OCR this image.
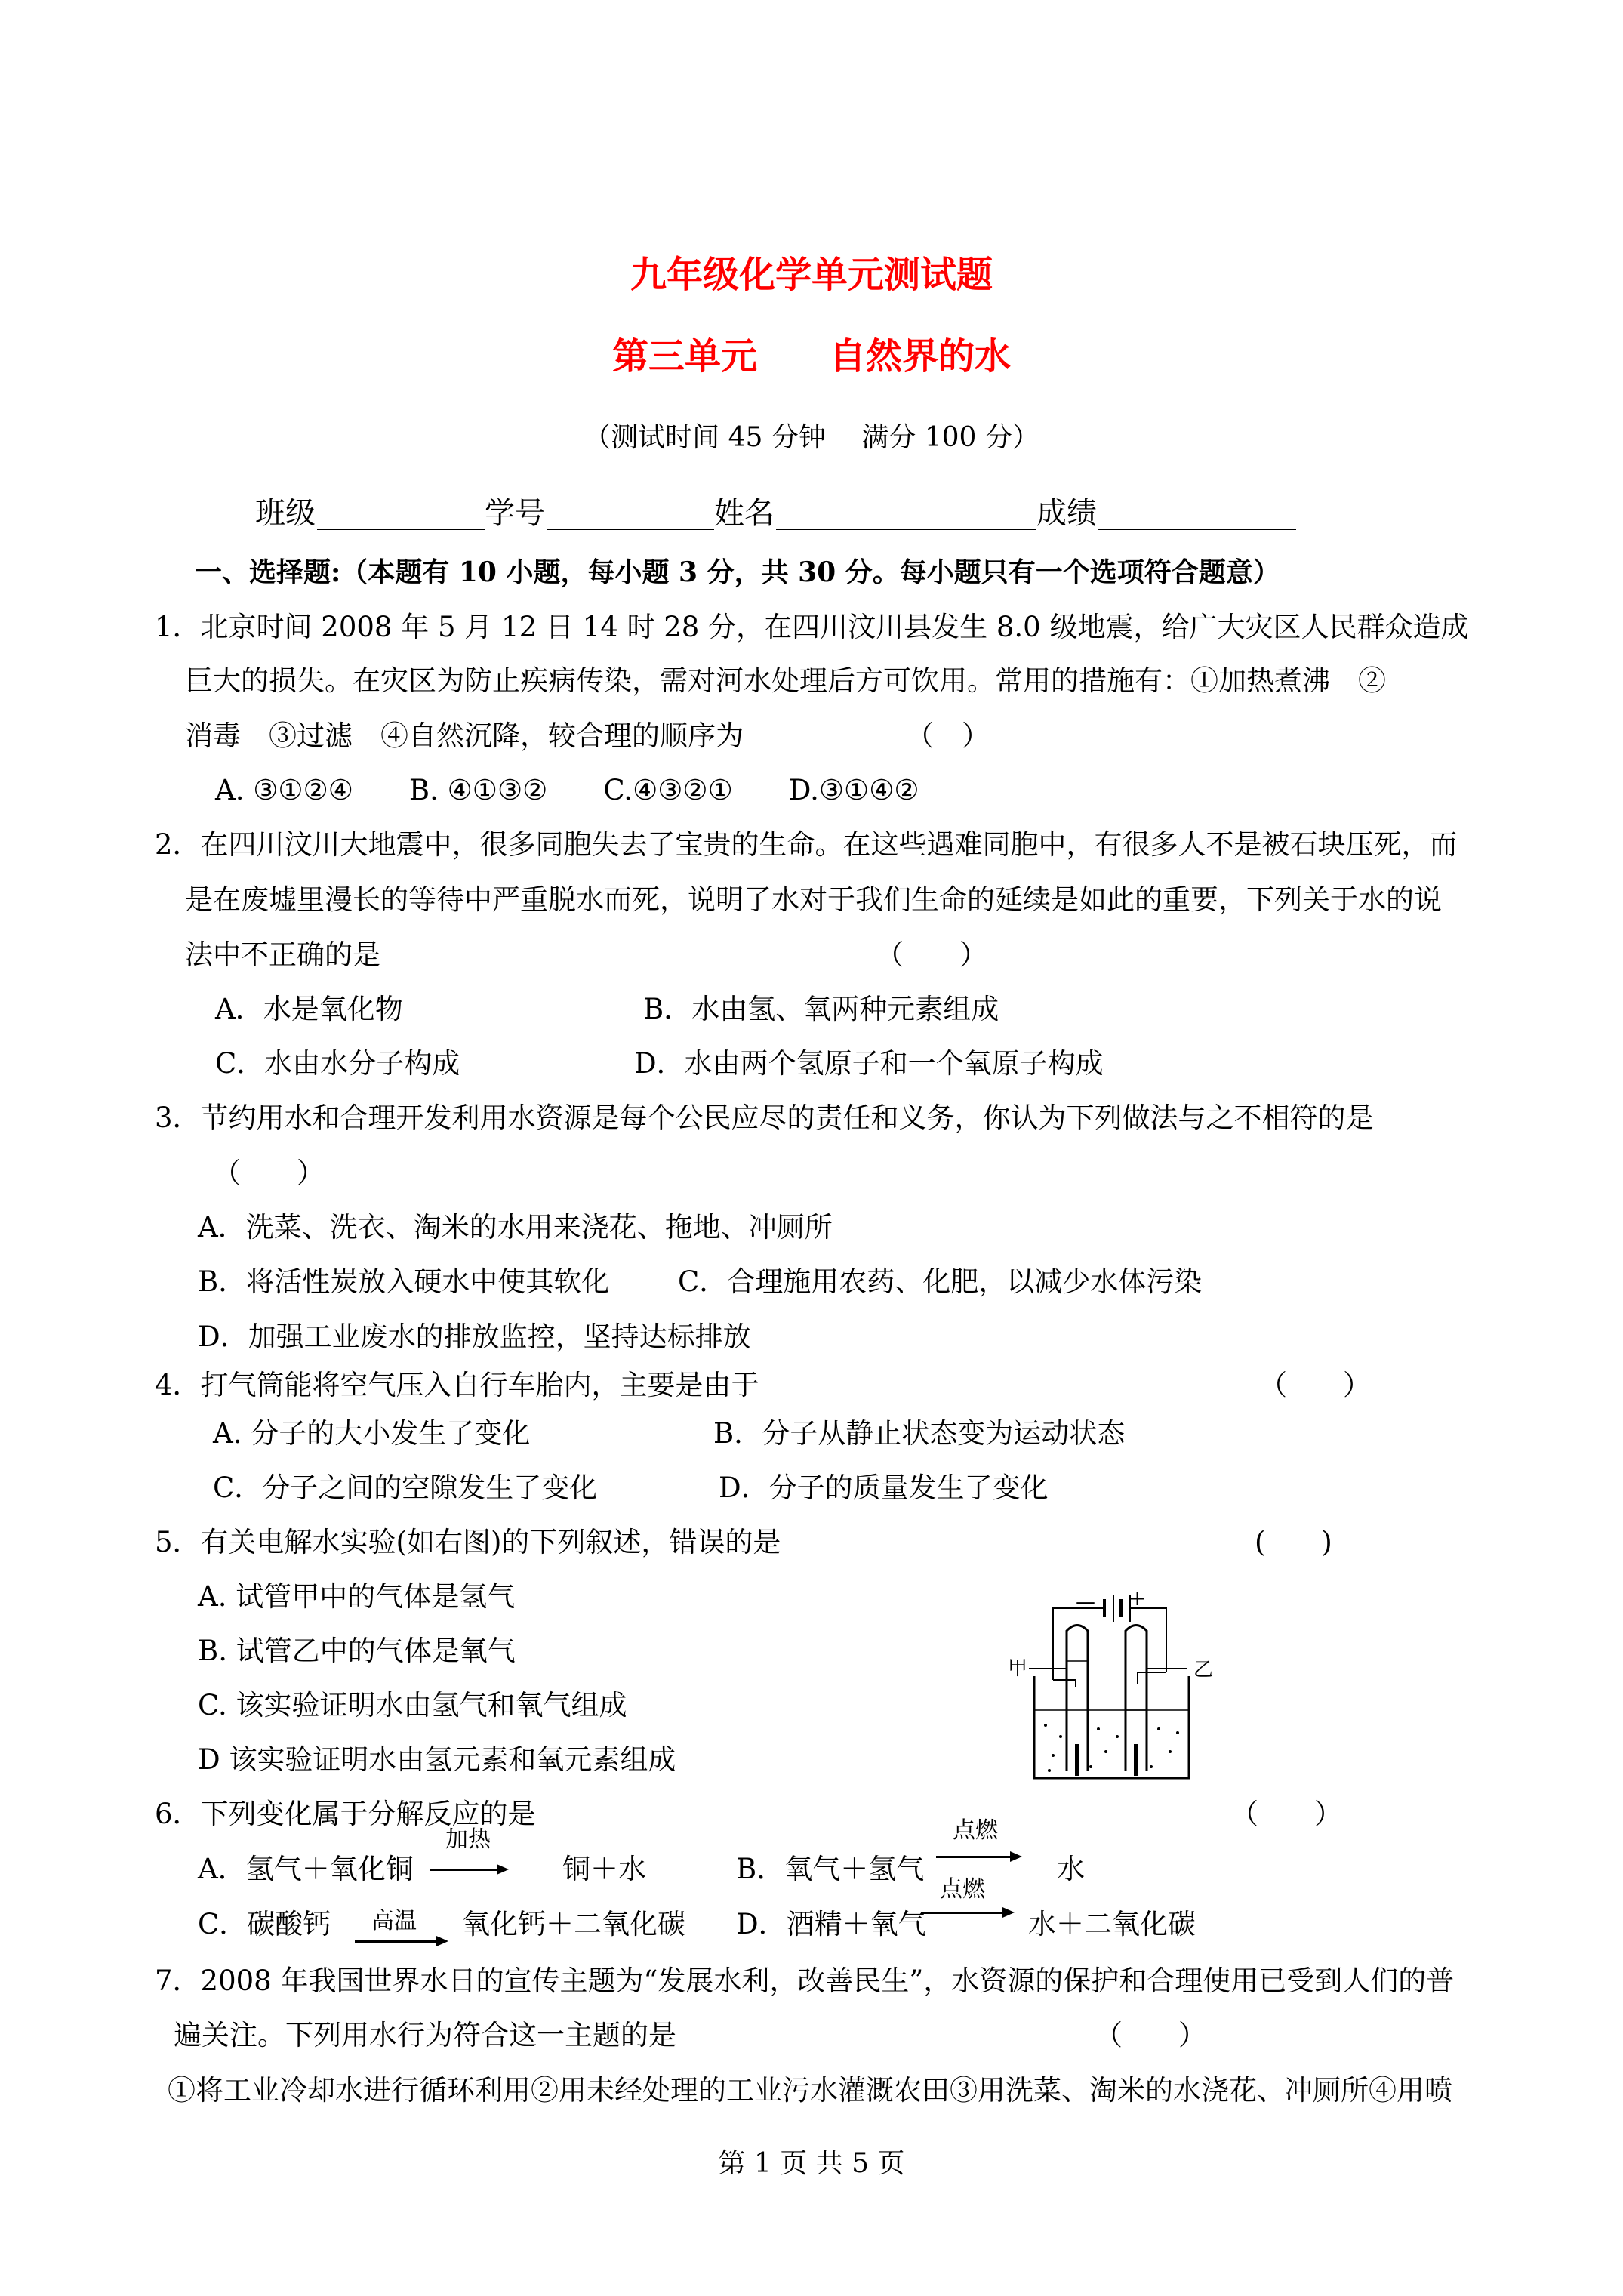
九年级化学单元测试题
第三单元　　自然界的水
（测试时间 45 分钟　 满分 100 分）
班级	学号	姓名	成绩
一、选择题:（本题有 10 小题，每小题 3 分，共 30 分。每小题只有一个选项符合题意）
1．北京时间 2008 年 5 月 12 日 14 时 28 分，在四川汶川县发生 8.0 级地震，给广大灾区人民群众造成
巨大的损失。在灾区为防止疾病传染，需对河水处理后方可饮用。常用的措施有：①加热煮沸　②
消毒　③过滤　④自然沉降，较合理的顺序为	（　）
A. ③①②④　　B. ④①③②　　C.④③②①　　D.③①④②
2．在四川汶川大地震中，很多同胞失去了宝贵的生命。在这些遇难同胞中，有很多人不是被石块压死，而
是在废墟里漫长的等待中严重脱水而死，说明了水对于我们生命的延续是如此的重要，下列关于水的说
法中不正确的是	（　　）
A．水是氧化物	B．水由氢、氧两种元素组成
C．水由水分子构成	D．水由两个氢原子和一个氧原子构成
3．节约用水和合理开发利用水资源是每个公民应尽的责任和义务，你认为下列做法与之不相符的是
（　　）
A．洗菜、洗衣、淘米的水用来浇花、拖地、冲厕所
B．将活性炭放入硬水中使其软化 C．合理施用农药、化肥，以减少水体污染
D．加强工业废水的排放监控，坚持达标排放
4．打气筒能将空气压入自行车胎内，主要是由于	（　　）
A. 分子的大小发生了变化	B．分子从静止状态变为运动状态
C．分子之间的空隙发生了变化	D．分子的质量发生了变化
5．有关电解水实验(如右图)的下列叙述，错误的是	(　　)
A. 试管甲中的气体是氢气
B. 试管乙中的气体是氧气
C. 该实验证明水由氢气和氧气组成
D 该实验证明水由氢元素和氧元素组成
— +
甲	乙
6．下列变化属于分解反应的是	（　　）
A．氢气＋氧化铜
加热
铜＋水	B．氧气＋氢气
点燃
水
C．碳酸钙 高温 氧化钙＋二氧化碳 D．酒精＋氧气
点燃
水＋二氧化碳
7．2008 年我国世界水日的宣传主题为“发展水利，改善民生”，水资源的保护和合理使用已受到人们的普
遍关注。下列用水行为符合这一主题的是	（　　）
①将工业冷却水进行循环利用②用未经处理的工业污水灌溉农田③用洗菜、淘米的水浇花、冲厕所④用喷
第 1 页 共 5 页
